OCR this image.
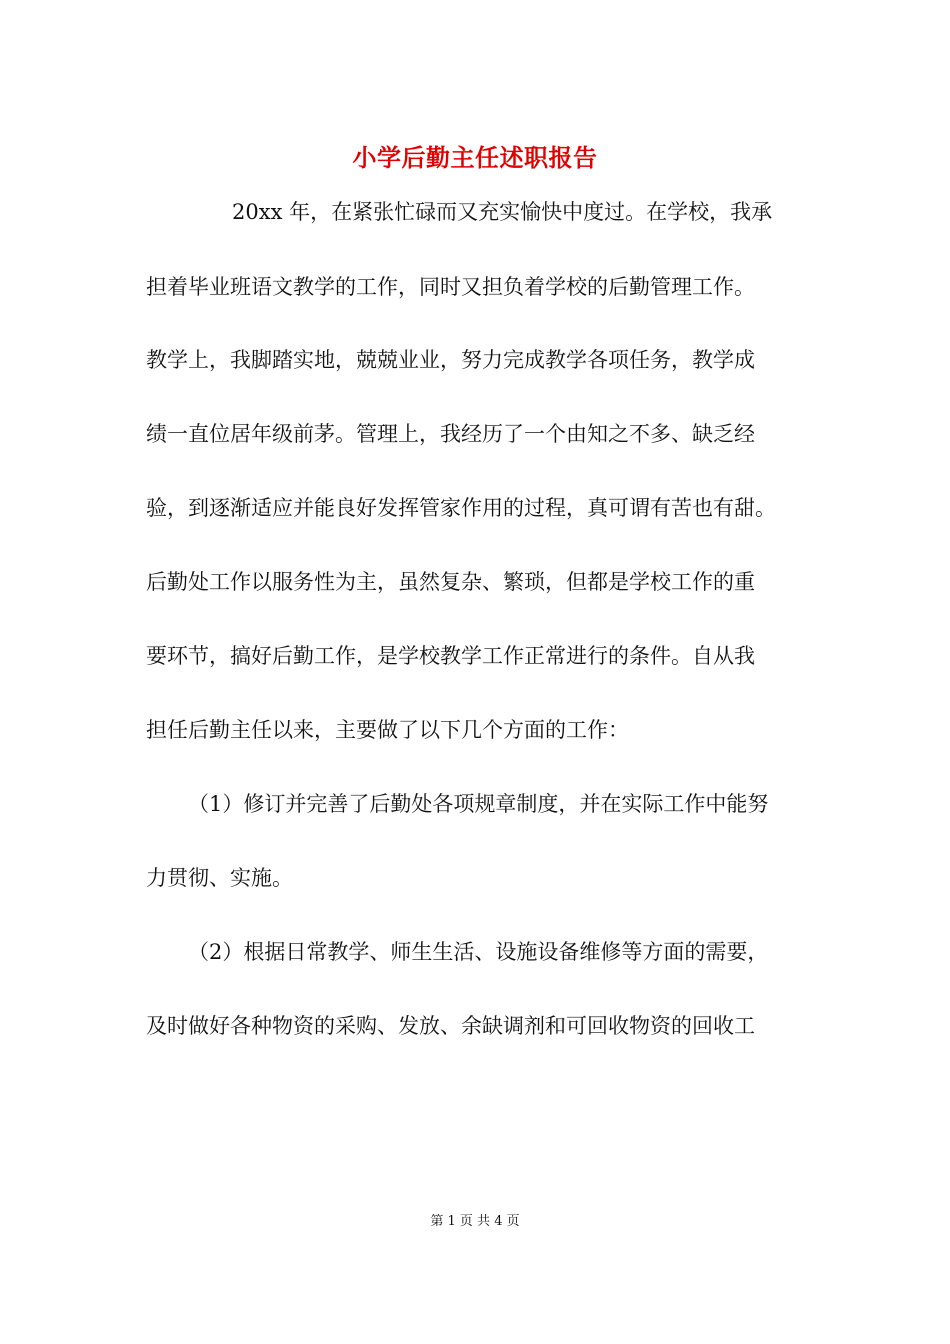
小学后勤主任述职报告
20xx 年，在紧张忙碌而又充实愉快中度过。在学校，我承
担着毕业班语文教学的工作，同时又担负着学校的后勤管理工作。
教学上，我脚踏实地，兢兢业业，努力完成教学各项任务，教学成
绩一直位居年级前茅。管理上，我经历了一个由知之不多、缺乏经
验，到逐渐适应并能良好发挥管家作用的过程，真可谓有苦也有甜。
后勤处工作以服务性为主，虽然复杂、繁琐，但都是学校工作的重
要环节，搞好后勤工作，是学校教学工作正常进行的条件。自从我
担任后勤主任以来，主要做了以下几个方面的工作：
（1）修订并完善了后勤处各项规章制度，并在实际工作中能努
力贯彻、实施。
（2）根据日常教学、师生生活、设施设备维修等方面的需要，
及时做好各种物资的采购、发放、余缺调剂和可回收物资的回收工
第 1 页 共 4 页
